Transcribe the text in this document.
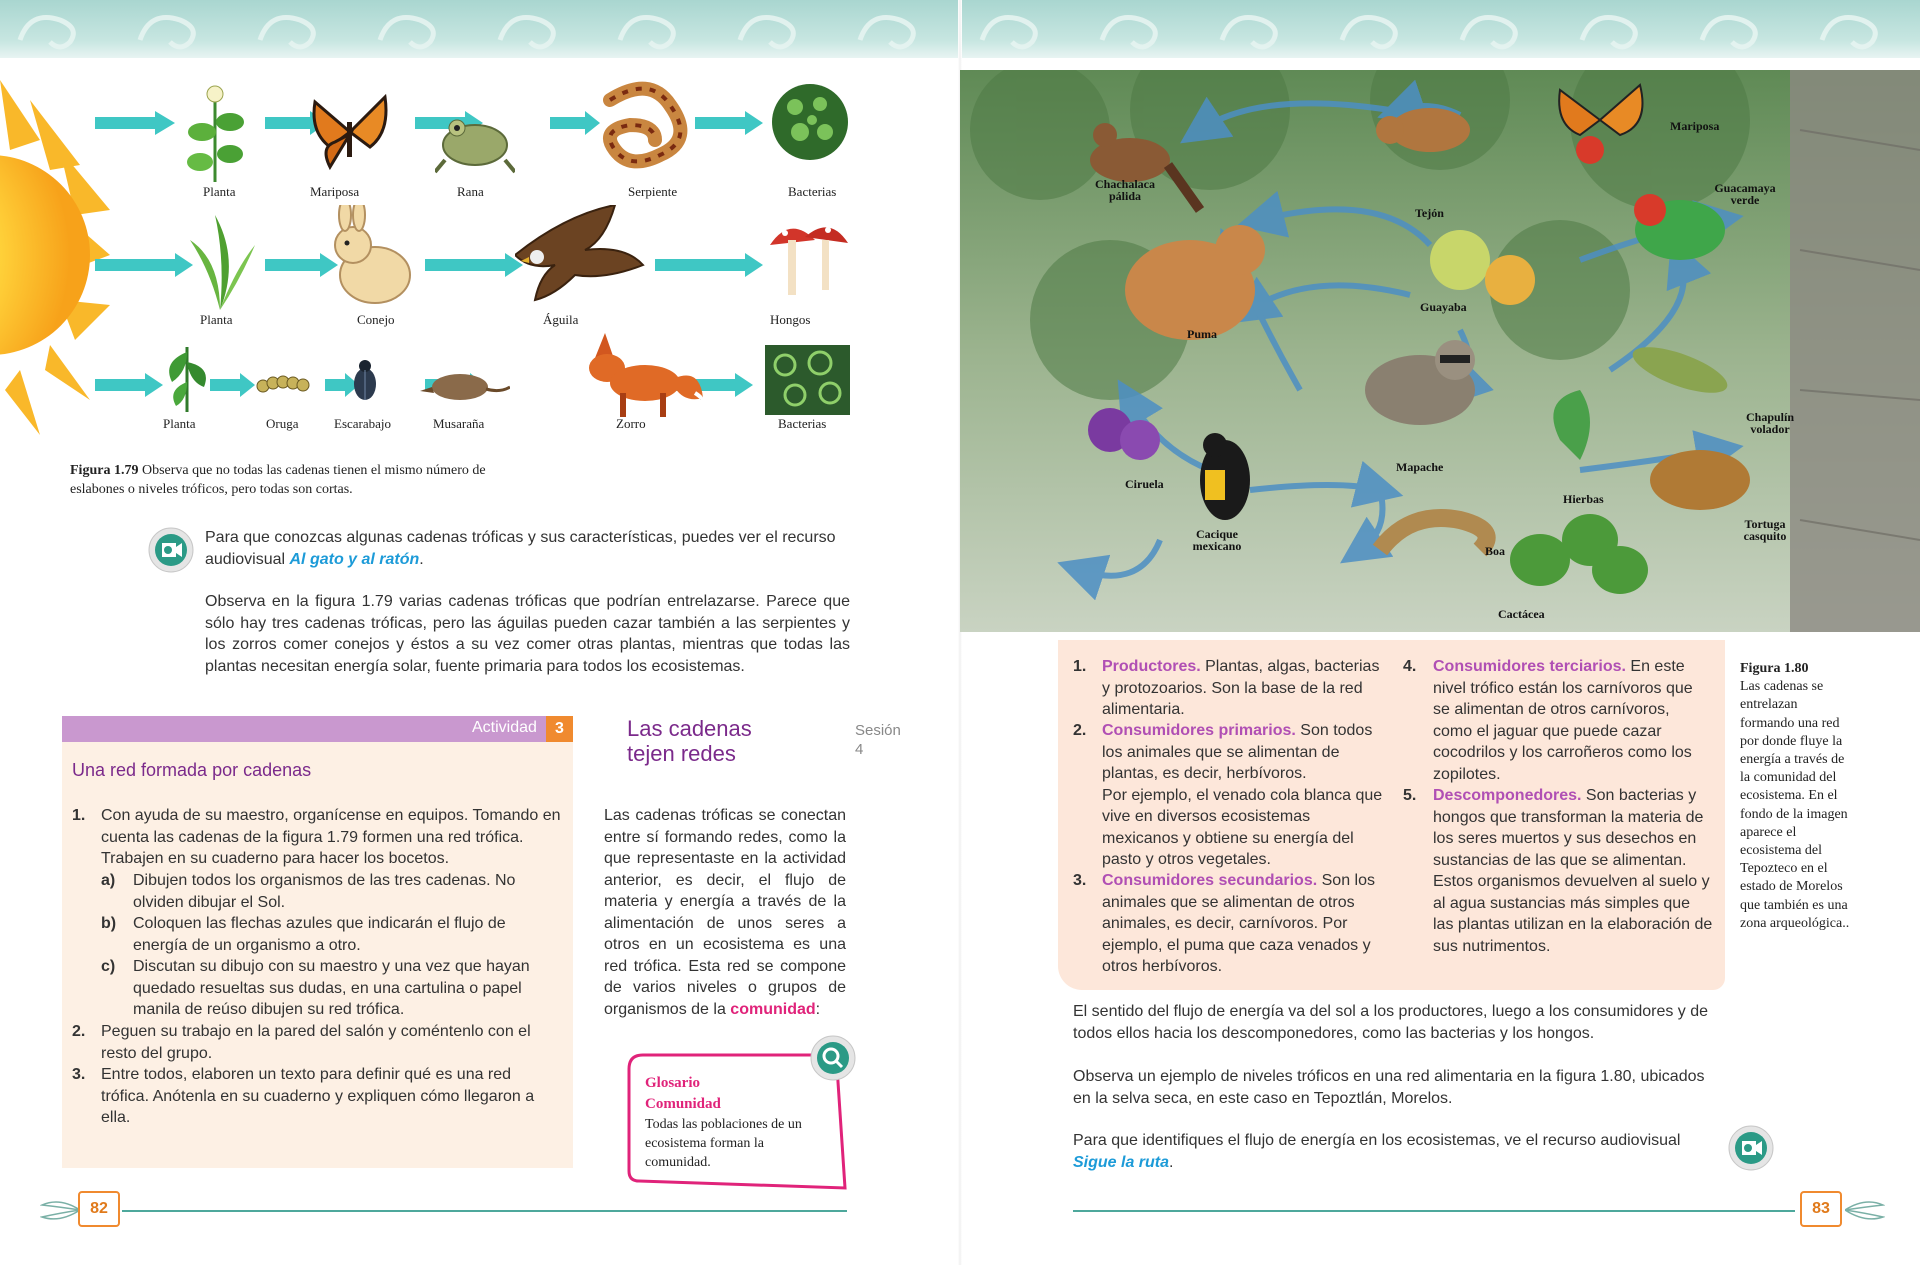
Planta	Mariposa	Rana	Serpiente	Bacterias
Planta	Conejo	Águila	Hongos
Planta	Oruga	Escarabajo	Musaraña	Zorro	Bacterias
Figura 1.79 Observa que no todas las cadenas tienen el mismo número de eslabones o niveles tróficos, pero todas son cortas.
Para que conozcas algunas cadenas tróficas y sus características, puedes ver el recurso audiovisual Al gato y al ratón.
Observa en la figura 1.79 varias cadenas tróficas que podrían entrelazarse. Parece que sólo hay tres cadenas tróficas, pero las águilas pueden cazar también a las serpientes y los zorros comer conejos y éstos a su vez comer otras plantas, mientras que todas las plantas necesitan energía solar, fuente primaria para todos los ecosistemas.
Actividad	3
Una red formada por cadenas
1. Con ayuda de su maestro, organícense en equipos. Tomando en cuenta las cadenas de la figura 1.79 formen una red trófica. Trabajen en su cuaderno para hacer los bocetos.
a) Dibujen todos los organismos de las tres cadenas. No olviden dibujar el Sol.
b) Coloquen las flechas azules que indicarán el flujo de energía de un organismo a otro.
c) Discutan su dibujo con su maestro y una vez que hayan quedado resueltas sus dudas, en una cartulina o papel manila de reúso dibujen su red trófica.
2. Peguen su trabajo en la pared del salón y coméntenlo con el resto del grupo.
3. Entre todos, elaboren un texto para definir qué es una red trófica. Anótenla en su cuaderno y expliquen cómo llegaron a ella.
Las cadenas
tejen redes
Sesión
4
Las cadenas tróficas se conectan entre sí formando redes, como la que representaste en la actividad anterior, es decir, el flujo de materia y energía a través de la alimentación de unos seres a otros en un ecosistema es una red trófica. Esta red se compone de varios niveles o grupos de organismos de la comunidad:
Glosario
Comunidad
Todas las poblaciones de un ecosistema forman la comunidad.
82
Chachalaca pálida
Tejón
Mariposa
Guacamaya verde
Guayaba
Puma
Mapache
Chapulín volador
Ciruela
Hierbas
Tortuga casquito
Cacique mexicano	Boa
Cactácea
1. Productores. Plantas, algas, bacterias y protozoarios. Son la base de la red alimentaria.
2. Consumidores primarios. Son todos los animales que se alimentan de plantas, es decir, herbívoros.
Por ejemplo, el venado cola blanca que vive en diversos ecosistemas mexicanos y obtiene su energía del pasto y otros vegetales.
3. Consumidores secundarios. Son los animales que se alimentan de otros animales, es decir, carnívoros. Por ejemplo, el puma que caza venados y otros herbívoros.
4. Consumidores terciarios. En este nivel trófico están los carnívoros que se alimentan de otros carnívoros, como el jaguar que puede cazar cocodrilos y los carroñeros como los zopilotes.
5. Descomponedores. Son bacterias y hongos que transforman la materia de los seres muertos y sus desechos en sustancias de las que se alimentan. Estos organismos devuelven al suelo y al agua sustancias más simples que las plantas utilizan en la elaboración de sus nutrimentos.
Figura 1.80
Las cadenas se entrelazan formando una red por donde fluye la energía a través de la comunidad del ecosistema. En el fondo de la imagen aparece el ecosistema del Tepozteco en el estado de Morelos que también es una zona arqueológica..
El sentido del flujo de energía va del sol a los productores, luego a los consumidores y de todos ellos hacia los descomponedores, como las bacterias y los hongos.
Observa un ejemplo de niveles tróficos en una red alimentaria en la figura 1.80, ubicados en la selva seca, en este caso en Tepoztlán, Morelos.
Para que identifiques el flujo de energía en los ecosistemas, ve el recurso audiovisual Sigue la ruta.
83
